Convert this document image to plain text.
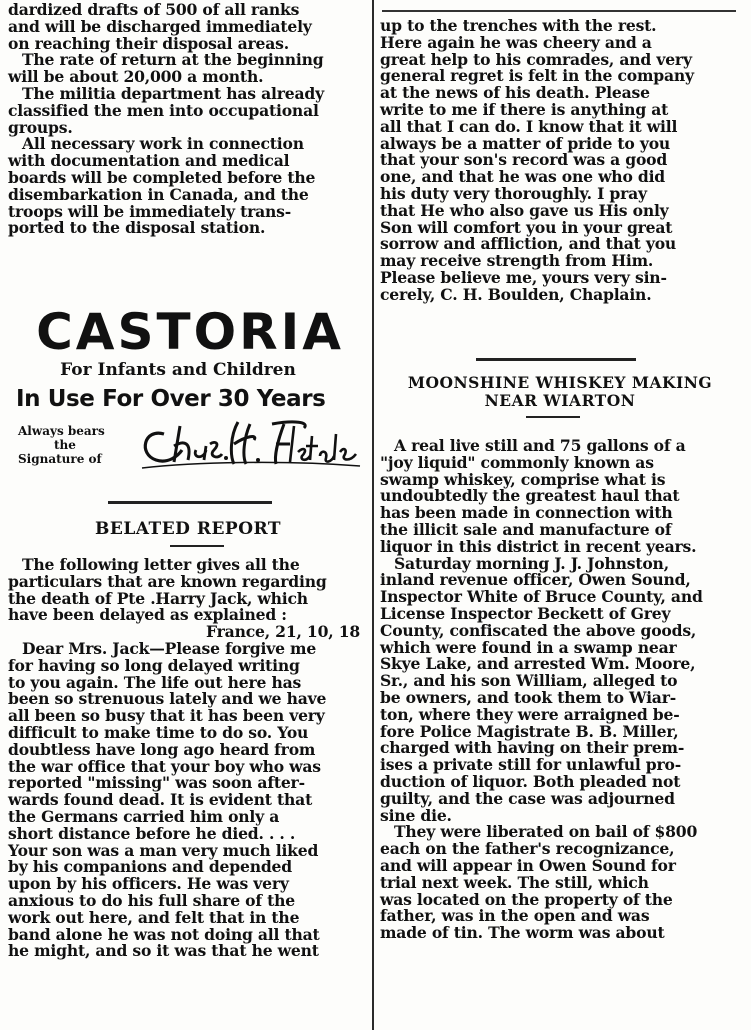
dardized drafts of 500 of all ranks
and will be discharged immediately
on reaching their disposal areas.

The rate of return at the beginning
will be about 20,000 a month.

The militia department has already
classified the men into occupational
groups.

All necessary work in connection
with documentation and medical
boards will be completed before the
disembarkation in Canada, and the
troops will be immediately trans-
ported to the disposal station.

CASTORIA
For Infants and Children
In Use For Over 30 Years
Always bears
the
Signature of
BELATED REPORT

The following letter gives all the
particulars that are known regarding
the death of Pte .Harry Jack, which
have been delayed as explained :

France, 21, 10, 18

Dear Mrs. Jack—Please forgive me
for having so long delayed writing
to you again. The life out here has
been so strenuous lately and we have
all been so busy that it has been very
difficult to make time to do so. You
doubtless have long ago heard from
the war office that your boy who was
reported "missing" was soon after-
wards found dead. It is evident that
the Germans carried him only a
short distance before he died. . . .
Your son was a man very much liked
by his companions and depended
upon by his officers. He was very
anxious to do his full share of the
work out here, and felt that in the
band alone he was not doing all that
he might, and so it was that he went

up to the trenches with the rest.
Here again he was cheery and a
great help to his comrades, and very
general regret is felt in the company
at the news of his death. Please
write to me if there is anything at
all that I can do. I know that it will
always be a matter of pride to you
that your son's record was a good
one, and that he was one who did
his duty very thoroughly. I pray
that He who also gave us His only
Son will comfort you in your great
sorrow and affliction, and that you
may receive strength from Him.
Please believe me, yours very sin-
cerely, C. H. Boulden, Chaplain.

MOONSHINE WHISKEY MAKING
NEAR WIARTON

A real live still and 75 gallons of a
"joy liquid" commonly known as
swamp whiskey, comprise what is
undoubtedly the greatest haul that
has been made in connection with
the illicit sale and manufacture of
liquor in this district in recent years.

Saturday morning J. J. Johnston,
inland revenue officer, Owen Sound,
Inspector White of Bruce County, and
License Inspector Beckett of Grey
County, confiscated the above goods,
which were found in a swamp near
Skye Lake, and arrested Wm. Moore,
Sr., and his son William, alleged to
be owners, and took them to Wiar-
ton, where they were arraigned be-
fore Police Magistrate B. B. Miller,
charged with having on their prem-
ises a private still for unlawful pro-
duction of liquor. Both pleaded not
guilty, and the case was adjourned
sine die.

They were liberated on bail of $800
each on the father's recognizance,
and will appear in Owen Sound for
trial next week. The still, which
was located on the property of the
father, was in the open and was
made of tin. The worm was about
